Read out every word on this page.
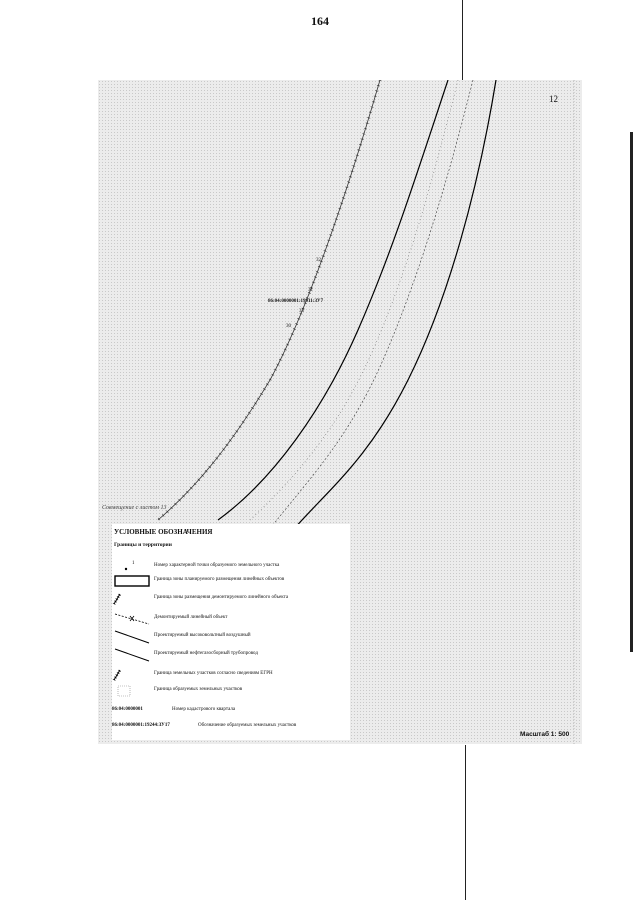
164
12
Совмещение с листом 13
32
31
86:04:0000001:19911:ЗУ7
33
30
УСЛОВНЫЕ ОБОЗНАЧЕНИЯ
Границы и территории
1	Номер характерной точки образуемого земельного участка
Граница зоны планируемого размещения линейных объектов
Граница зоны размещения демонтируемого линейного объекта
Демонтируемый линейный объект
Проектируемый высоковольтный воздушный
Проектируемый нефтегазосборный трубопровод
Граница земельных участков согласно сведениям ЕГРН
Граница образуемых земельных участков
86:04:0000001	Номер кадастрового квартала
86:04:0000001:19244:ЗУ17	Обозначение образуемых земельных участков
Масштаб 1: 500
